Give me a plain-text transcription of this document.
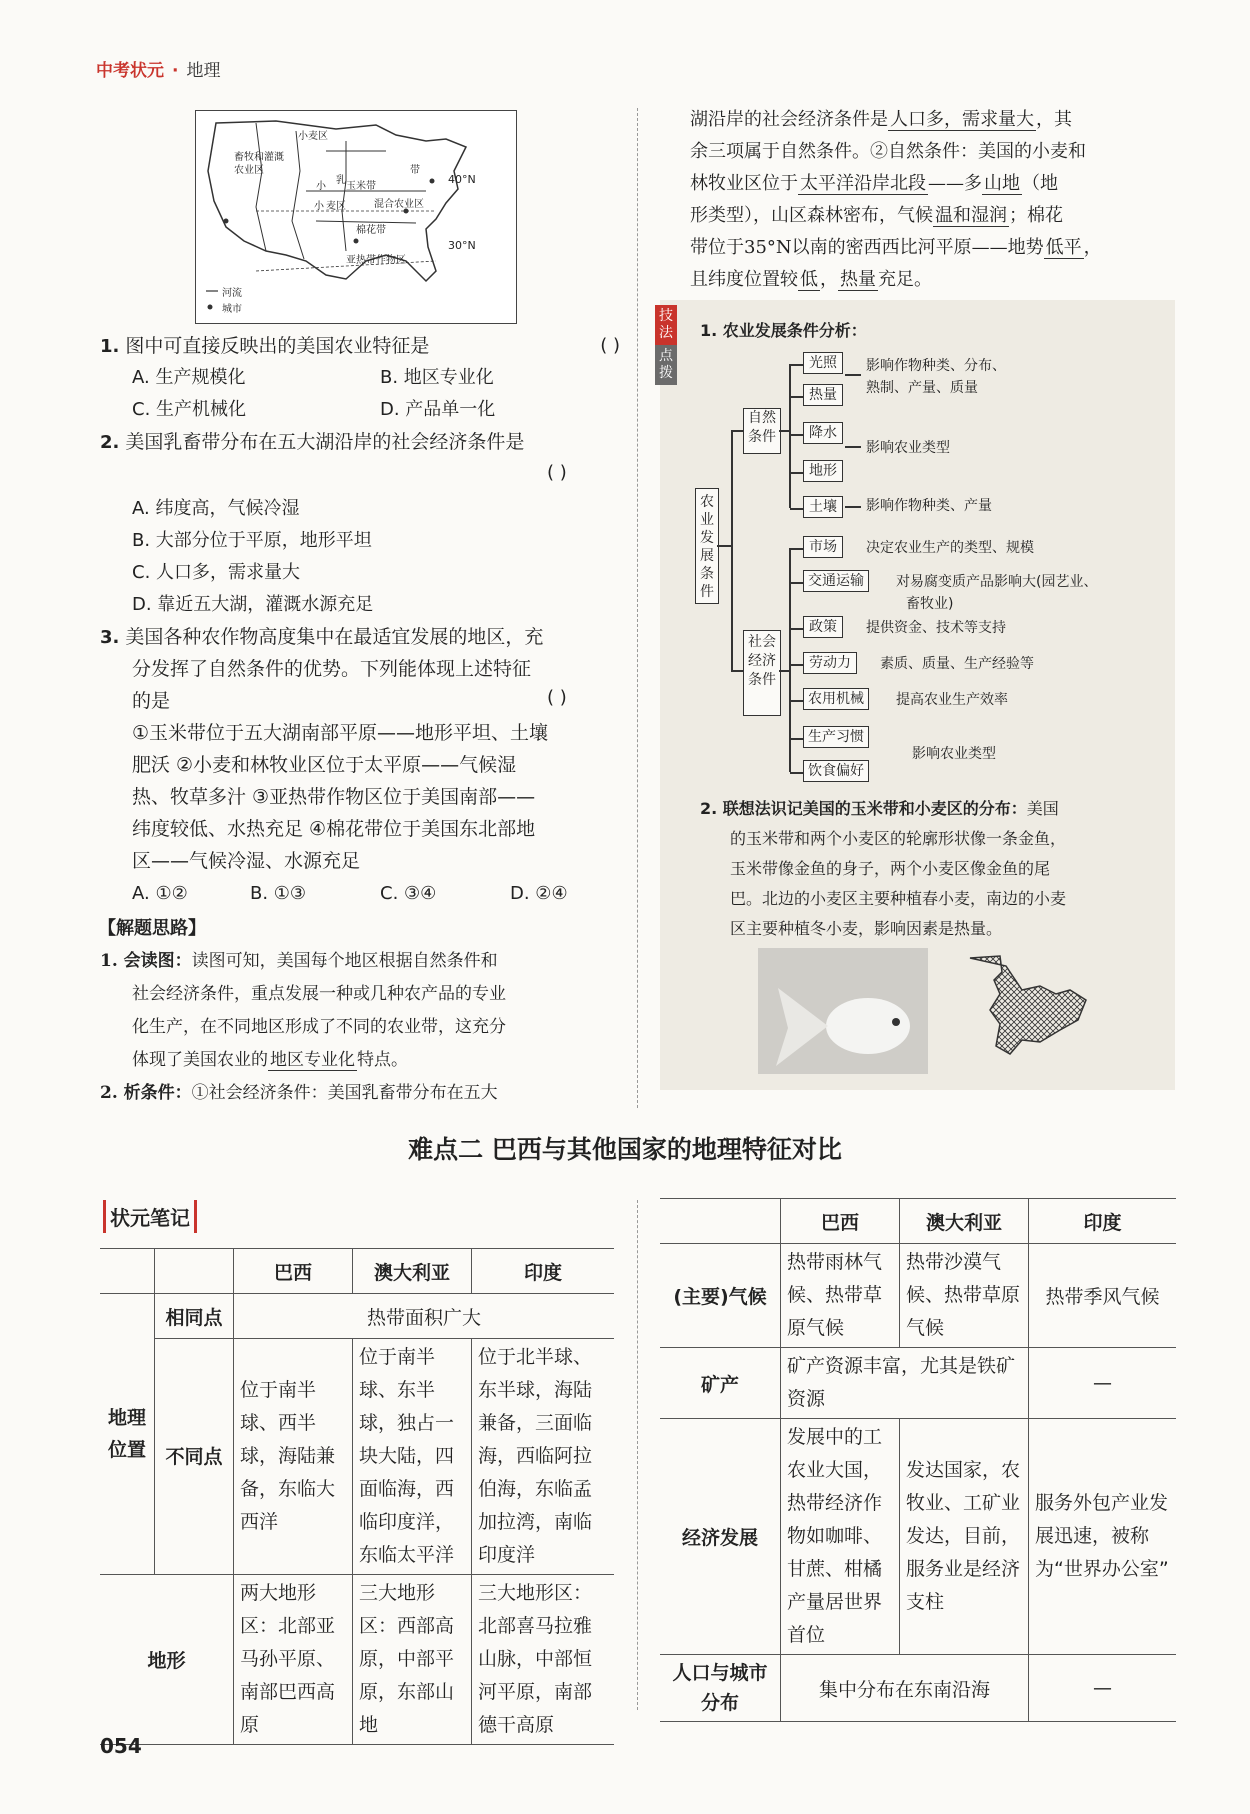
中考状元 · 地理
畜牧和灌溉
农业区
小麦区
乳
带
小 玉米带
小 麦区	混合农业区
棉花带
亚热带作物区
40°N
30°N
河流
城市
1. 图中可直接反映出的美国农业特征是	( )
A. 生产规模化	B. 地区专业化
C. 生产机械化	D. 产品单一化
2. 美国乳畜带分布在五大湖沿岸的社会经济条件是
( )
A. 纬度高，气候冷湿
B. 大部分位于平原，地形平坦
C. 人口多，需求量大
D. 靠近五大湖，灌溉水源充足
3. 美国各种农作物高度集中在最适宜发展的地区，充
分发挥了自然条件的优势。下列能体现上述特征
的是	( )
①玉米带位于五大湖南部平原——地形平坦、土壤
肥沃 ②小麦和林牧业区位于太平原——气候湿
热、牧草多汁 ③亚热带作物区位于美国南部——
纬度较低、水热充足 ④棉花带位于美国东北部地
区——气候冷湿、水源充足
A. ①②	B. ①③	C. ③④	D. ②④
【解题思路】
1. 会读图：读图可知，美国每个地区根据自然条件和
社会经济条件，重点发展一种或几种农产品的专业
化生产，在不同地区形成了不同的农业带，这充分
体现了美国农业的 地区专业化 特点。
2. 析条件：①社会经济条件：美国乳畜带分布在五大
湖沿岸的社会经济条件是 人口多，需求量大 ，其
余三项属于自然条件。②自然条件：美国的小麦和
林牧业区位于 太平洋沿岸北段 ——多 山地 （地
形类型），山区森林密布，气候 温和湿润 ；棉花
带位于35°N以南的密西西比河平原——地势 低平 ，
且纬度位置较 低 ， 热量 充足。
技法
点拨
1. 农业发展条件分析：
农业发展条件
自然条件
社会经济条件
光照
热量
降水
地形
土壤
影响作物种类、分布、
熟制、产量、质量
影响农业类型
影响作物种类、产量
市场
交通运输
政策
劳动力
农用机械
生产习惯
饮食偏好
决定农业生产的类型、规模
对易腐变质产品影响大(园艺业、
畜牧业)
提供资金、技术等支持
素质、质量、生产经验等
提高农业生产效率
影响农业类型
2. 联想法识记美国的玉米带和小麦区的分布：美国
的玉米带和两个小麦区的轮廓形状像一条金鱼，
玉米带像金鱼的身子，两个小麦区像金鱼的尾
巴。北边的小麦区主要种植春小麦，南边的小麦
区主要种植冬小麦，影响因素是热量。
难点二 巴西与其他国家的地理特征对比
状元笔记
		巴西	澳大利亚	印度
地理位置	相同点	热带面积广大		
	不同点	位于南半球、西半球，海陆兼备，东临大西洋	位于南半球、东半球，独占一块大陆，四面临海，西临印度洋，东临太平洋	位于北半球、东半球，海陆兼备，三面临海，西临阿拉伯海，东临孟加拉湾，南临印度洋
地形		两大地形区：北部亚马孙平原、南部巴西高原	三大地形区：西部高原，中部平原，东部山地	三大地形区：北部喜马拉雅山脉，中部恒河平原，南部德干高原
	巴西	澳大利亚	印度
(主要)气候	热带雨林气候、热带草原气候	热带沙漠气候、热带草原气候	热带季风气候
矿产	矿产资源丰富，尤其是铁矿资源		—
经济发展	发展中的工农业大国，热带经济作物如咖啡、甘蔗、柑橘产量居世界首位	发达国家，农牧业、工矿业发达，目前，服务业是经济支柱	服务外包产业发展迅速，被称为“世界办公室”
人口与城市分布	集中分布在东南沿海		—
054
